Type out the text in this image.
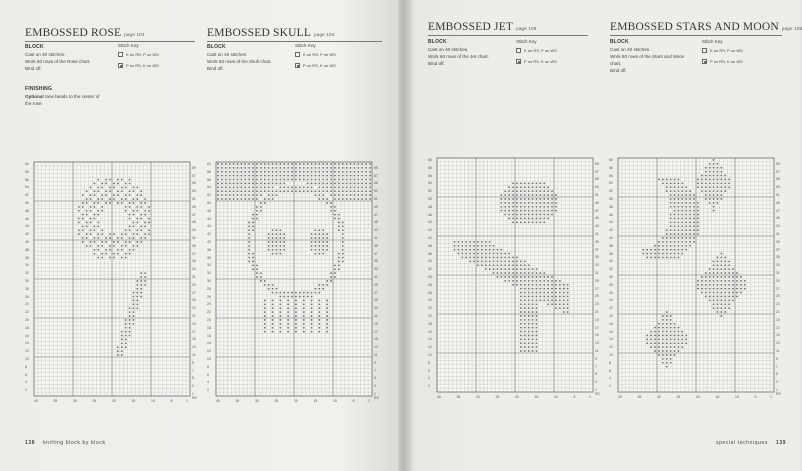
EMBOSSED ROSE page 104
BLOCK
Cast on 40 stitches.
Work 60 rows of the Rose chart.
Bind off.
FINISHING
Optional Sew beads to the center of
the rose.
Stitch Key
K on RS, P on WS
P on RS, K on WS
EMBOSSED SKULL page 104
BLOCK
Cast on 40 stitches.
Work 60 rows of the Skull chart.
Bind off.
Stitch Key
K on RS, P on WS
P on RS, K on WS
EMBOSSED JET page 105
BLOCK
Cast on 40 stitches.
Work 60 rows of the Jet chart.
Bind off.
Stitch Key
K on RS, P on WS
P on RS, K on WS
EMBOSSED STARS AND MOON page 105
BLOCK
Cast on 40 stitches.
Work 60 rows of the Stars and Moon
chart.
Bind off.
Stitch Key
K on RS, P on WS
P on RS, K on WS
59
57
55
53
51
49
47
45
43
41
39
37
35
33
31
29
27
25
23
21
19
17
15
13
11
9
7
5
3
1 RS
60
58
56
54
52
50
48
46
44
42
40
38
36
34
32
30
28
26
24
22
20
18
16
14
12
10
8
6
4
2
40	35	30	25	20	15	10	5	1
59
57
55
53
51
49
47
45
43
41
39
37
35
33
31
29
27
25
23
21
19
17
15
13
11
9
7
5
3
1 RS
60
58
56
54
52
50
48
46
44
42
40
38
36
34
32
30
28
26
24
22
20
18
16
14
12
10
8
6
4
2
40	35	30	25	20	15	10	5	1
59
57
55
53
51
49
47
45
43
41
39
37
35
33
31
29
27
25
23
21
19
17
15
13
11
9
7
5
3
1 RS
60
58
56
54
52
50
48
46
44
42
40
38
36
34
32
30
28
26
24
22
20
18
16
14
12
10
8
6
4
2
40	35	30	25	20	15	10	5	1
59
57
55
53
51
49
47
45
43
41
39
37
35
33
31
29
27
25
23
21
19
17
15
13
11
9
7
5
3
1 RS
60
58
56
54
52
50
48
46
44
42
40
38
36
34
32
30
28
26
24
22
20
18
16
14
12
10
8
6
4
2
40	35	30	25	20	15	10	5	1
138 knitting block by block	special techniques 139
